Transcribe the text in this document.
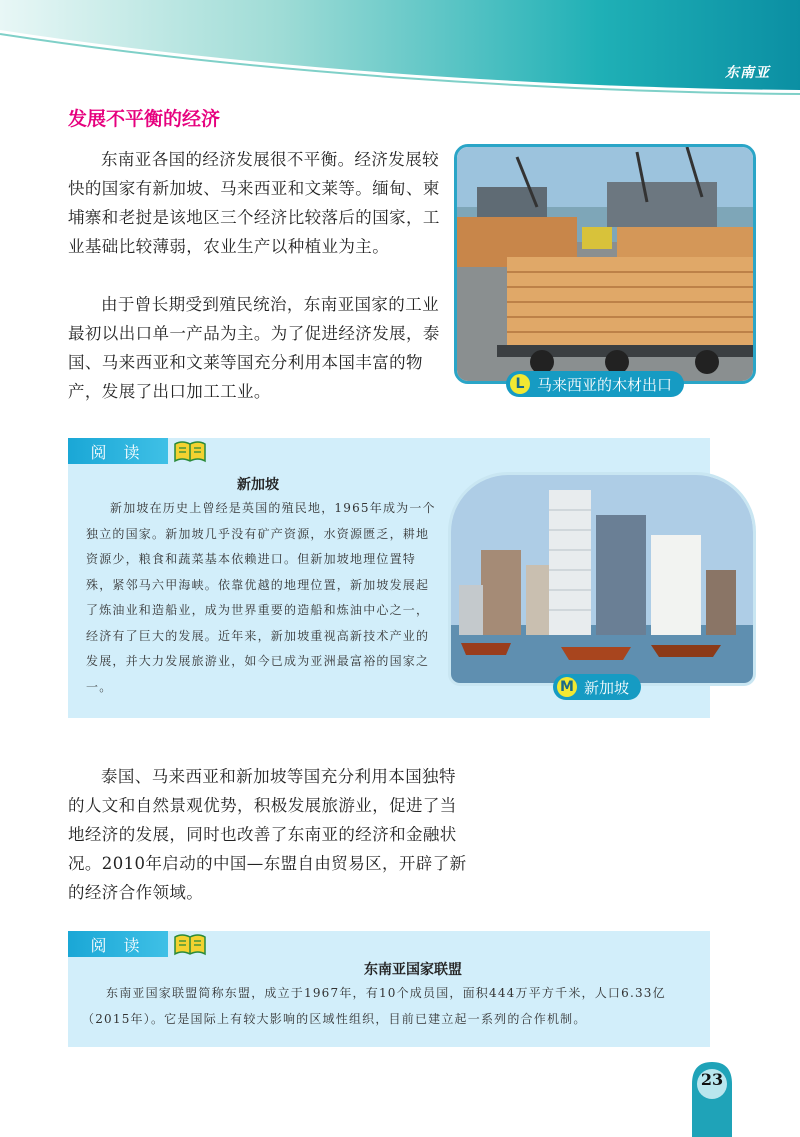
东南亚
发展不平衡的经济

东南亚各国的经济发展很不平衡。经济发展较快的国家有新加坡、马来西亚和文莱等。缅甸、柬埔寨和老挝是该地区三个经济比较落后的国家，工业基础比较薄弱，农业生产以种植业为主。

由于曾长期受到殖民统治，东南亚国家的工业最初以出口单一产品为主。为了促进经济发展，泰国、马来西亚和文莱等国充分利用本国丰富的物产，发展了出口加工工业。	L 马来西亚的木材出口
阅 读
新加坡

新加坡在历史上曾经是英国的殖民地，1965年成为一个独立的国家。新加坡几乎没有矿产资源，水资源匮乏，耕地资源少，粮食和蔬菜基本依赖进口。但新加坡地理位置特殊，紧邻马六甲海峡。依靠优越的地理位置，新加坡发展起了炼油业和造船业，成为世界重要的造船和炼油中心之一，经济有了巨大的发展。近年来，新加坡重视高新技术产业的发展，并大力发展旅游业，如今已成为亚洲最富裕的国家之一。	M 新加坡

泰国、马来西亚和新加坡等国充分利用本国独特的人文和自然景观优势，积极发展旅游业，促进了当地经济的发展，同时也改善了东南亚的经济和金融状况。2010年启动的中国—东盟自由贸易区，开辟了新的经济合作领域。

阅 读
东南亚国家联盟

东南亚国家联盟简称东盟，成立于1967年，有10个成员国，面积444万平方千米，人口6.33亿（2015年）。它是国际上有较大影响的区域性组织，目前已建立起一系列的合作机制。

23
